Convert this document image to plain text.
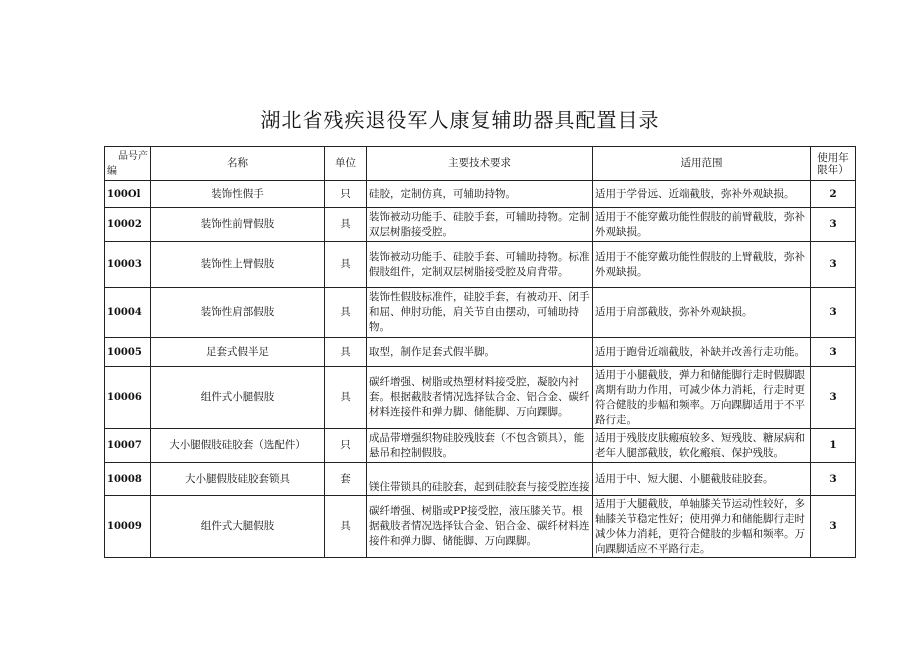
湖北省残疾退役军人康复辅助器具配置目录
品号产
编	名称	单位	主要技术要求	适用范围	使用年限年）
100Ol	装饰性假手	只	硅胶，定制仿真，可辅助持物。	适用于学骨远、近端截肢，弥补外观缺损。	2
10002	装饰性前臂假肢	具	装饰被动功能手、硅胶手套，可辅助持物。定制双层树脂接受腔。	适用于不能穿戴功能性假肢的前臂截肢，弥补外观缺损。	3
10003	装饰性上臂假肢	具	装饰被动功能手、硅胶手套、可辅助持物。标准假肢组件，定制双层树脂接受腔及肩背带。	适用于不能穿戴功能性假肢的上臂截肢，弥补外观缺损。	3
10004	装饰性肩部假肢	具	装饰性假肢标准件，硅胶手套，有被动开、闭手和屈、伸肘功能，肩关节自由摆动，可辅助持物。	适用于肩部截肢，弥补外观缺损。	3
10005	足套式假半足	具	取型，制作足套式假半脚。	适用于跑骨近端截肢，补缺并改善行走功能。	3
10006	组件式小腿假肢	具	碳纤增强、树脂或热塑材料接受腔，凝胶内衬套。根据截肢者情况选择钛合金、铝合金、碳纤材料连接件和弹力脚、储能脚、万向踝脚。	适用于小腿截肢，弹力和储能脚行走时假脚跟离期有助力作用，可减少体力消耗，行走时更符合健肢的步幅和频率。万向踝脚适用于不平路行走。	3
10007	大小腿假肢硅胶套（选配件）	只	成品带增强织物硅胶残肢套（不包含锁具），能悬吊和控制假肢。	适用于残肢皮肤瘢痕较多、短残肢、糖尿病和老年人腿部截肢，软化瘢痕、保护残肢。	1
10008	大小腿假肢硅胶套锁具	套	镁住带锁具的硅胶套，起到硅胶套与接受腔连接	适用于中、短大腿、小腿截肢硅胶套。	3
10009	组件式大腿假肢	具	碳纤增强、树脂或PP接受腔，液压膝关节。根据截肢者情况选择钛合金、铝合金、碳纤材料连接件和弹力脚、储能脚、万向踝脚。	适用于大腿截肢，单轴膝关节运动性较好，多轴膝关节稳定性好；使用弹力和储能脚行走时减少体力消耗，更符合健肢的步幅和频率。万向踝脚适应不平路行走。	3
